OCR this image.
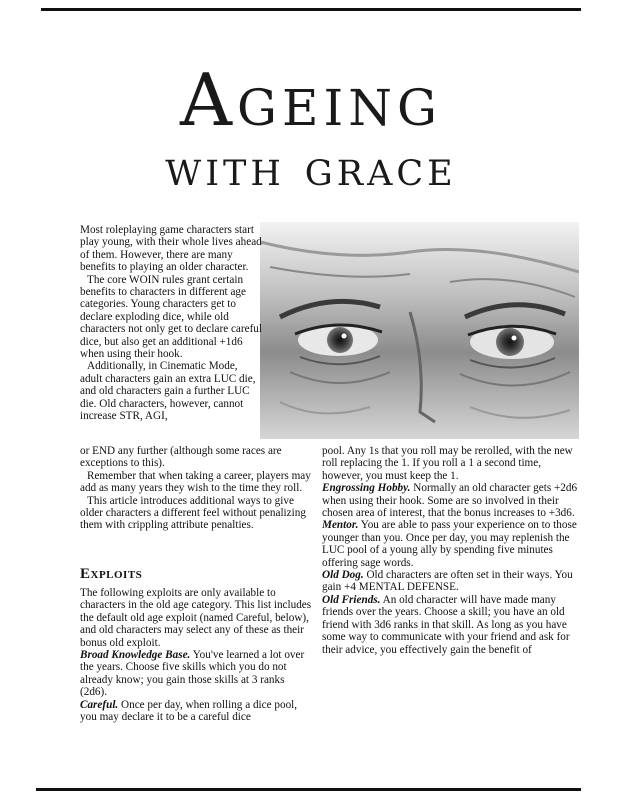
Ageing
with grace

Most roleplaying game characters start play young, with their whole lives ahead of them. However, there are many benefits to playing an older character.

The core WOIN rules grant certain benefits to characters in different age categories. Young characters get to declare exploding dice, while old characters not only get to declare careful dice, but also get an additional +1d6 when using their hook.

Additionally, in Cinematic Mode, adult characters gain an extra LUC die, and old characters gain a further LUC die. Old characters, however, cannot increase STR, AGI,

or END any further (although some races are exceptions to this).

Remember that when taking a career, players may add as many years they wish to the time they roll.

This article introduces additional ways to give older characters a different feel without penalizing them with crippling attribute penalties.

Exploits

The following exploits are only available to characters in the old age category. This list includes the default old age exploit (named Careful, below), and old characters may select any of these as their bonus old exploit.

Broad Knowledge Base. You've learned a lot over the years. Choose five skills which you do not already know; you gain those skills at 3 ranks (2d6).

Careful. Once per day, when rolling a dice pool, you may declare it to be a careful dice

pool. Any 1s that you roll may be rerolled, with the new roll replacing the 1. If you roll a 1 a second time, however, you must keep the 1.

Engrossing Hobby. Normally an old character gets +2d6 when using their hook. Some are so involved in their chosen area of interest, that the bonus increases to +3d6.

Mentor. You are able to pass your experience on to those younger than you. Once per day, you may replenish the LUC pool of a young ally by spending five minutes offering sage words.

Old Dog. Old characters are often set in their ways. You gain +4 MENTAL DEFENSE.

Old Friends. An old character will have made many friends over the years. Choose a skill; you have an old friend with 3d6 ranks in that skill. As long as you have some way to communicate with your friend and ask for their advice, you effectively gain the benefit of
